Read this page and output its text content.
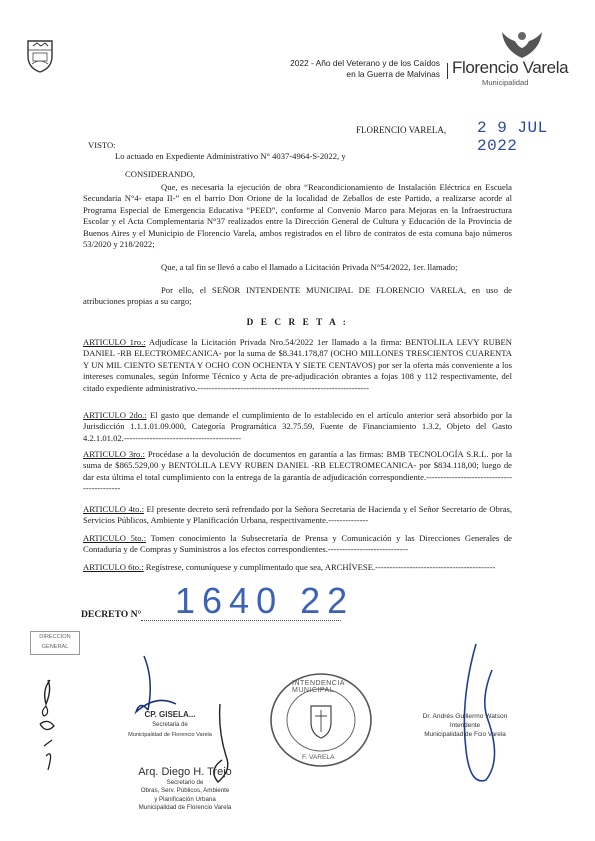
2022 - Año del Veterano y de los Caídos
en la Guerra de Malvinas Florencio Varela
Municipalidad
FLORENCIO VARELA, 2 9 JUL 2022
VISTO:
Lo actuado en Expediente Administrativo N° 4037-4964-S-2022, y
CONSIDERANDO,
Que, es necesaria la ejecución de obra “Reacondicionamiento de Instalación Eléctrica en Escuela Secundaria N°4- etapa II-” en el barrio Don Orione de la localidad de Zeballos de este Partido, a realizarse acorde al Programa Especial de Emergencia Educativa “PEED”, conforme al Convenio Marco para Mejoras en la Infraestructura Escolar y el Acta Complementaria N°37 realizados entre la Dirección General de Cultura y Educación de la Provincia de Buenos Aires y el Municipio de Florencio Varela, ambos registrados en el libro de contratos de esta comuna bajo números 53/2020 y 218/2022;
Que, a tal fin se llevó a cabo el llamado a Licitación Privada N°54/2022, 1er. llamado;
Por ello, el SEÑOR INTENDENTE MUNICIPAL DE FLORENCIO VARELA, en uso de atribuciones propias a su cargo;
D E C R E T A :
ARTICULO 1ro.: Adjudícase la Licitación Privada Nro.54/2022 1er llamado a la firma: BENTOLILA LEVY RUBEN DANIEL -RB ELECTROMECANICA- por la suma de $8.341.178,87 (OCHO MILLONES TRESCIENTOS CUARENTA Y UN MIL CIENTO SETENTA Y OCHO CON OCHENTA Y SIETE CENTAVOS) por ser la oferta más conveniente a los intereses comunales, según Informe Técnico y Acta de pre-adjudicación obrantes a fojas 108 y 112 respectivamente, del citado expediente administrativo.------------------------------------------------------------
ARTICULO 2do.: El gasto que demande el cumplimiento de lo establecido en el artículo anterior será absorbido por la Jurisdicción 1.1.1.01.09.000, Categoría Programática 32.75.59, Fuente de Financiamiento 1.3.2, Objeto del Gasto 4.2.1.01.02.-----------------------------------------
ARTICULO 3ro.: Procédase a la devolución de documentos en garantía a las firmas: BMB TECNOLOGÍA S.R.L. por la suma de $865.529,00 y BENTOLILA LEVY RUBEN DANIEL -RB ELECTROMECANICA- por $834.118,00; luego de dar esta última el total cumplimiento con la entrega de la garantía de adjudicación correspondiente.-------------------------------------------
ARTICULO 4to.: El presente decreto será refrendado por la Señora Secretaria de Hacienda y el Señor Secretario de Obras, Servicios Públicos, Ambiente y Planificación Urbana, respectivamente.--------------
ARTICULO 5to.: Tomen conocimiento la Subsecretaría de Prensa y Comunicación y las Direcciones Generales de Contaduría y de Compras y Suministros a los efectos correspondientes.----------------------------
ARTICULO 6to.: Regístrese, comuníquese y cumplimentado que sea, ARCHÍVESE.------------------------------------------
DECRETO N° 1640 22
DIRECCION
GENERAL
CP. GISELA...
Secretaria de
Municipalidad de Florencio Varela
Arq. Diego H. Trejo
Secretario de
Obras, Serv. Públicos, Ambiente
y Planificación Urbana
Municipalidad de Florencio Varela
INTENDENCIA MUNICIPAL
F. VARELA
Dr. Andrés Guillermo Watson
Intendente
Municipalidad de Fcio Varela
